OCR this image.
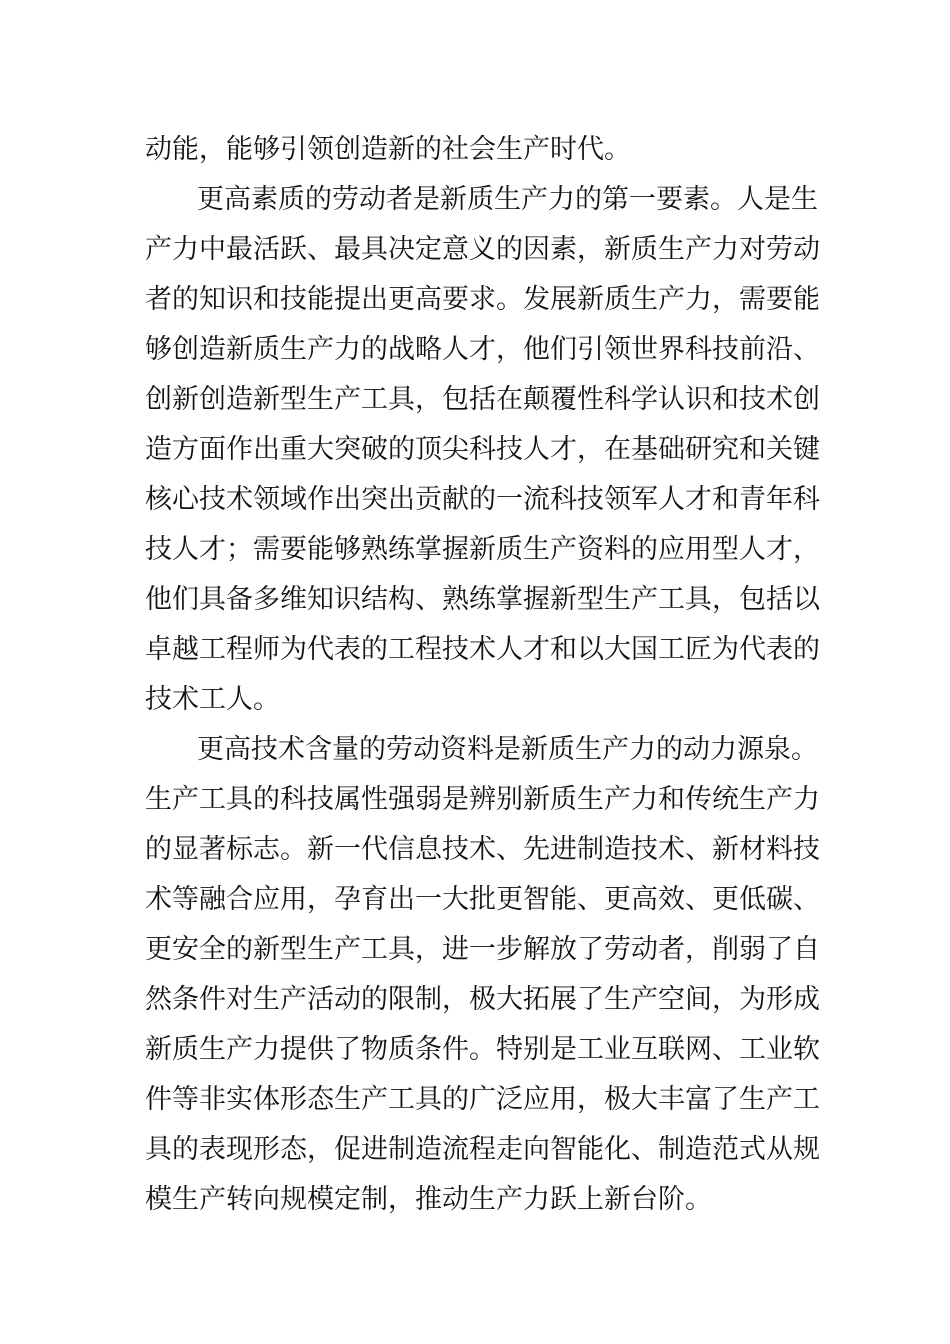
动能，能够引领创造新的社会生产时代。
更高素质的劳动者是新质生产力的第一要素。人是生
产力中最活跃、最具决定意义的因素，新质生产力对劳动
者的知识和技能提出更高要求。发展新质生产力，需要能
够创造新质生产力的战略人才，他们引领世界科技前沿、
创新创造新型生产工具，包括在颠覆性科学认识和技术创
造方面作出重大突破的顶尖科技人才，在基础研究和关键
核心技术领域作出突出贡献的一流科技领军人才和青年科
技人才；需要能够熟练掌握新质生产资料的应用型人才，
他们具备多维知识结构、熟练掌握新型生产工具，包括以
卓越工程师为代表的工程技术人才和以大国工匠为代表的
技术工人。
更高技术含量的劳动资料是新质生产力的动力源泉。
生产工具的科技属性强弱是辨别新质生产力和传统生产力
的显著标志。新一代信息技术、先进制造技术、新材料技
术等融合应用，孕育出一大批更智能、更高效、更低碳、
更安全的新型生产工具，进一步解放了劳动者，削弱了自
然条件对生产活动的限制，极大拓展了生产空间，为形成
新质生产力提供了物质条件。特别是工业互联网、工业软
件等非实体形态生产工具的广泛应用，极大丰富了生产工
具的表现形态，促进制造流程走向智能化、制造范式从规
模生产转向规模定制，推动生产力跃上新台阶。
